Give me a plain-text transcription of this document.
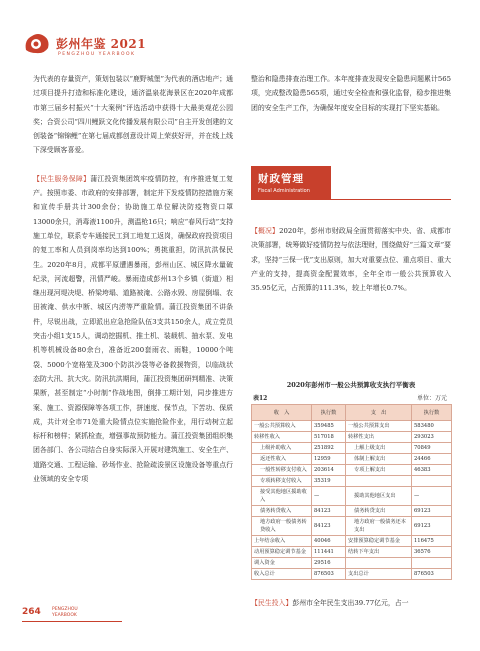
彭州年鉴 2021
PENGZHOU YEARBOOK

为代表的存量资产，策划包装以“鹿野城堡”为代表的酒店地产；通过项目提升打造和标准化建设，通济温泉花海景区在2020年成都市第三届乡村振兴“十大案例”评选活动中获得十大最美观花公园奖；合资公司“四川鲤跃文化传播发展有限公司”自主开发创建的文创装备“锦锦鲤”在第七届成都创意设计周上荣获好评，并在线上线下深受顾客喜爱。

【民生服务保障】蒲江投资集团筑牢疫情防控，有序推进复工复产。按照市委、市政府的安排部署，制定并下发疫情防控措施方案和宣传手册共计300余份；协助施工单位解决防疫物资口罩13000余只，消毒液1100升，测温枪16只；响应“春风行动”支持施工单位，联系专车通接民工到工地复工返岗，确保政府投资项目的复工率和人员到岗率均达到100%；勇挑重担，防汛抗洪保民生。2020年8月，成都平原遭遇暴雨，彭州山区、城区降水量破纪录，河流超警，汛情严峻。暴雨造成彭州13个乡镇（街道）相继出现河堤决堤、桥梁垮塌、道路被淹、公路水毁、房屋倒塌、农田被淹、供水中断、城区内涝等严重险情。蒲江投资集团不讲条件，尽锐出战，立即派出应急抢险队伍3支共150余人，成立党员突击小组1支15人，调动挖掘机、推土机、装载机、抽水泵、发电机等机械设备80余台，准备近200套雨衣、雨鞋，10000个吨袋、5000个宽格笼及300个防洪沙袋等必备救援物资，以临战状态防大汛、抗大灾。防汛抗洪期间，蒲江投资集团研判精准、决策果断，甚至制定“小时制”作战地图，倒排工期计划，同步推进方案、施工、资源保障等各项工作，拼速度、保节点，下苦功、保质成，共计对全市71处重大险情点位实施抢险作业，用行动树立起标杆和榜样；紧抓检查，增强事故预防能力。蒲江投资集团组织集团各部门、各公司结合自身实际深入开展对建筑施工、安全生产、道路交通、工程运输、砂场作业、抢险疏浚景区设施设备等重点行业领域的安全专项

整治和隐患排查治理工作。本年度排查发现安全隐患问题累计565项，完成整改隐患565项，通过安全检查和强化监督，稳步推进集团的安全生产工作，为确保年度安全目标的实现打下坚实基础。

财政管理
Fiscal Administration

【概况】2020年，彭州市财政局全面贯彻落实中央、省、成都市决策部署，统筹做好疫情防控与依法理财，围绕做好“三篇文章”要求，坚持“三保一优”支出原则，加大对重要点位、重点项目、重大产业的支持，提高资金配置效率，全年全市一般公共预算收入35.95亿元，占预算的111.3%，较上年增长0.7%。

2020年彭州市一般公共预算收支执行平衡表
表12	单位：万元
收　入	执行数	支　出	执行数
一般公共预算收入	359485	一般公共预算支出	583480
转移性收入	517018	转移性支出	293023
上级补助收入	251892	上解上级支出	70849
返还性收入	12959	体制上解支出	24466
一般性转移支付收入	203614	专项上解支出	46383
专项转移支付收入	35319		
接受其他地区援助收入	—	援助其他地区支出	—
债务转贷收入	84123	债务转贷支出	69123
地方政府一般债务转贷收入	84123	地方政府一般债务还本支出	69123
上年结余收入	40046	安排预算稳定调节基金	116475
动用预算稳定调节基金	111441	结转下年支出	36576
调入资金	29516		
收入总计	876503	支出总计	876503

【民生投入】彭州市全年民生支出39.77亿元，占一

264 PENGZHOU
YEARBOOK
